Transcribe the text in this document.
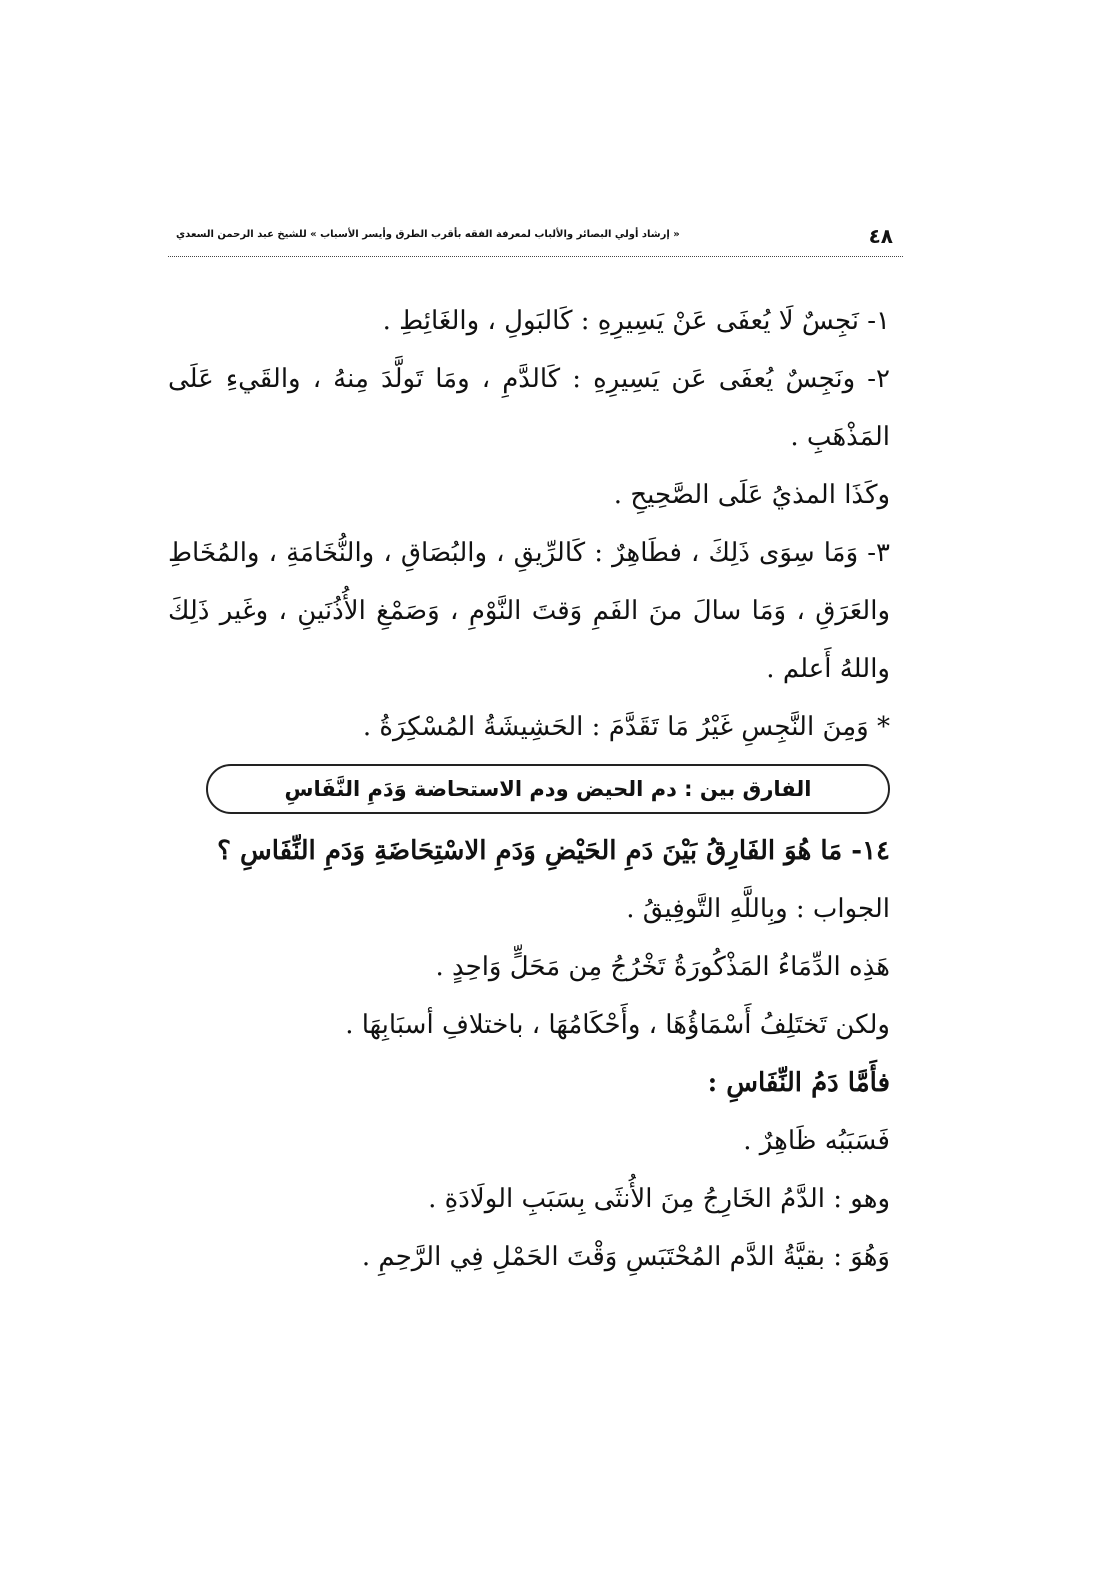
٤٨
« إرشاد أولي البصائر والألباب لمعرفة الفقه بأقرب الطرق وأيسر الأسباب » للشيخ عبد الرحمن السعدي

١- نَجِسٌ لَا يُعفَى عَنْ يَسِيرِهِ : كَالبَولِ ، والغَائِطِ .

٢- ونَجِسٌ يُعفَى عَن يَسِيرِهِ : كَالدَّمِ ، ومَا تَولَّدَ مِنهُ ، والقَيءِ عَلَى المَذْهَبِ .

وكَذَا المذيُ عَلَى الصَّحِيحِ .

٣- وَمَا سِوَى ذَلِكَ ، فطَاهِرٌ : كَالرِّيقِ ، والبُصَاقِ ، والنُّخَامَةِ ، والمُخَاطِ والعَرَقِ ، وَمَا سالَ منَ الفَمِ وَقتَ النَّوْمِ ، وَصَمْغِ الأُذُنَينِ ، وغَير ذَلِكَ واللهُ أَعلم .

* وَمِنَ النَّجِسِ غَيْرُ مَا تَقَدَّمَ : الحَشِيشَةُ المُسْكِرَةُ .

الفارق بين : دم الحيض ودم الاستحاضة وَدَمِ النَّفَاسِ

١٤- مَا هُوَ الفَارِقُ بَيْنَ دَمِ الحَيْضِ وَدَمِ الاسْتِحَاضَةِ وَدَمِ النِّفَاسِ ؟

الجواب : وبِاللَّهِ التَّوفِيقُ .

هَذِه الدِّمَاءُ المَذْكُورَةُ تَخْرُجُ مِن مَحَلٍّ وَاحِدٍ .

ولكن تَختَلِفُ أَسْمَاؤُهَا ، وأَحْكَامُهَا ، باختلافِ أسبَابِهَا .

فأَمَّا دَمُ النِّفَاسِ :

فَسَبَبُه ظَاهِرٌ .

وهو : الدَّمُ الخَارِجُ مِنَ الأُنثَى بِسَبَبِ الولَادَةِ .

وَهُوَ : بقيَّةُ الدَّم المُحْتَبَسِ وَقْتَ الحَمْلِ فِي الرَّحِمِ .
